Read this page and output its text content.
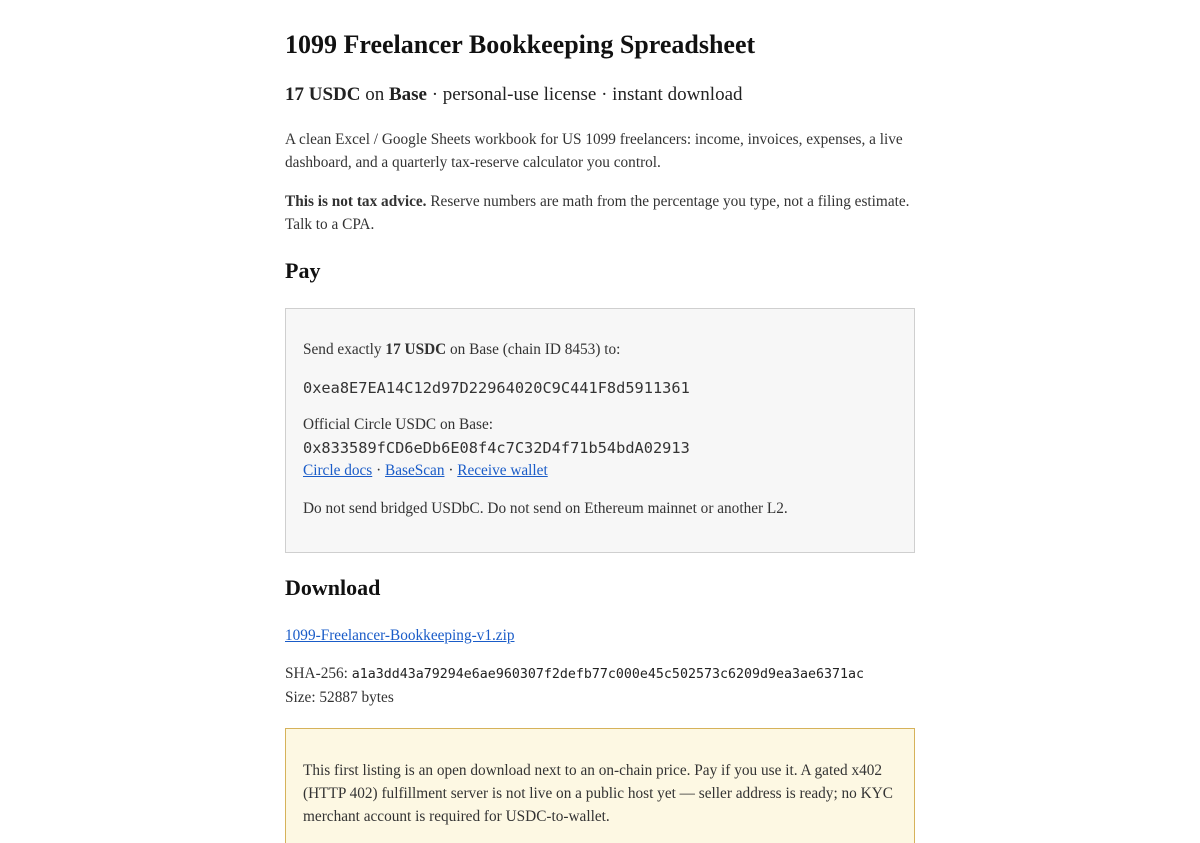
1099 Freelancer Bookkeeping Spreadsheet
17 USDC on Base · personal-use license · instant download

A clean Excel / Google Sheets workbook for US 1099 freelancers: income, invoices, expenses, a live dashboard, and a quarterly tax-reserve calculator you control.

This is not tax advice. Reserve numbers are math from the percentage you type, not a filing estimate. Talk to a CPA.

Pay
Send exactly 17 USDC on Base (chain ID 8453) to:
0xea8E7EA14C12d97D22964020C9C441F8d5911361
Official Circle USDC on Base:
0x833589fCD6eDb6E08f4c7C32D4f71b54bdA02913
Circle docs · BaseScan · Receive wallet
Do not send bridged USDbC. Do not send on Ethereum mainnet or another L2.
Download
1099-Freelancer-Bookkeeping-v1.zip
SHA-256: a1a3dd43a79294e6ae960307f2defb77c000e45c502573c6209d9ea3ae6371ac
Size: 52887 bytes

This first listing is an open download next to an on-chain price. Pay if you use it. A gated x402 (HTTP 402) fulfillment server is not live on a public host yet — seller address is ready; no KYC merchant account is required for USDC-to-wallet.
